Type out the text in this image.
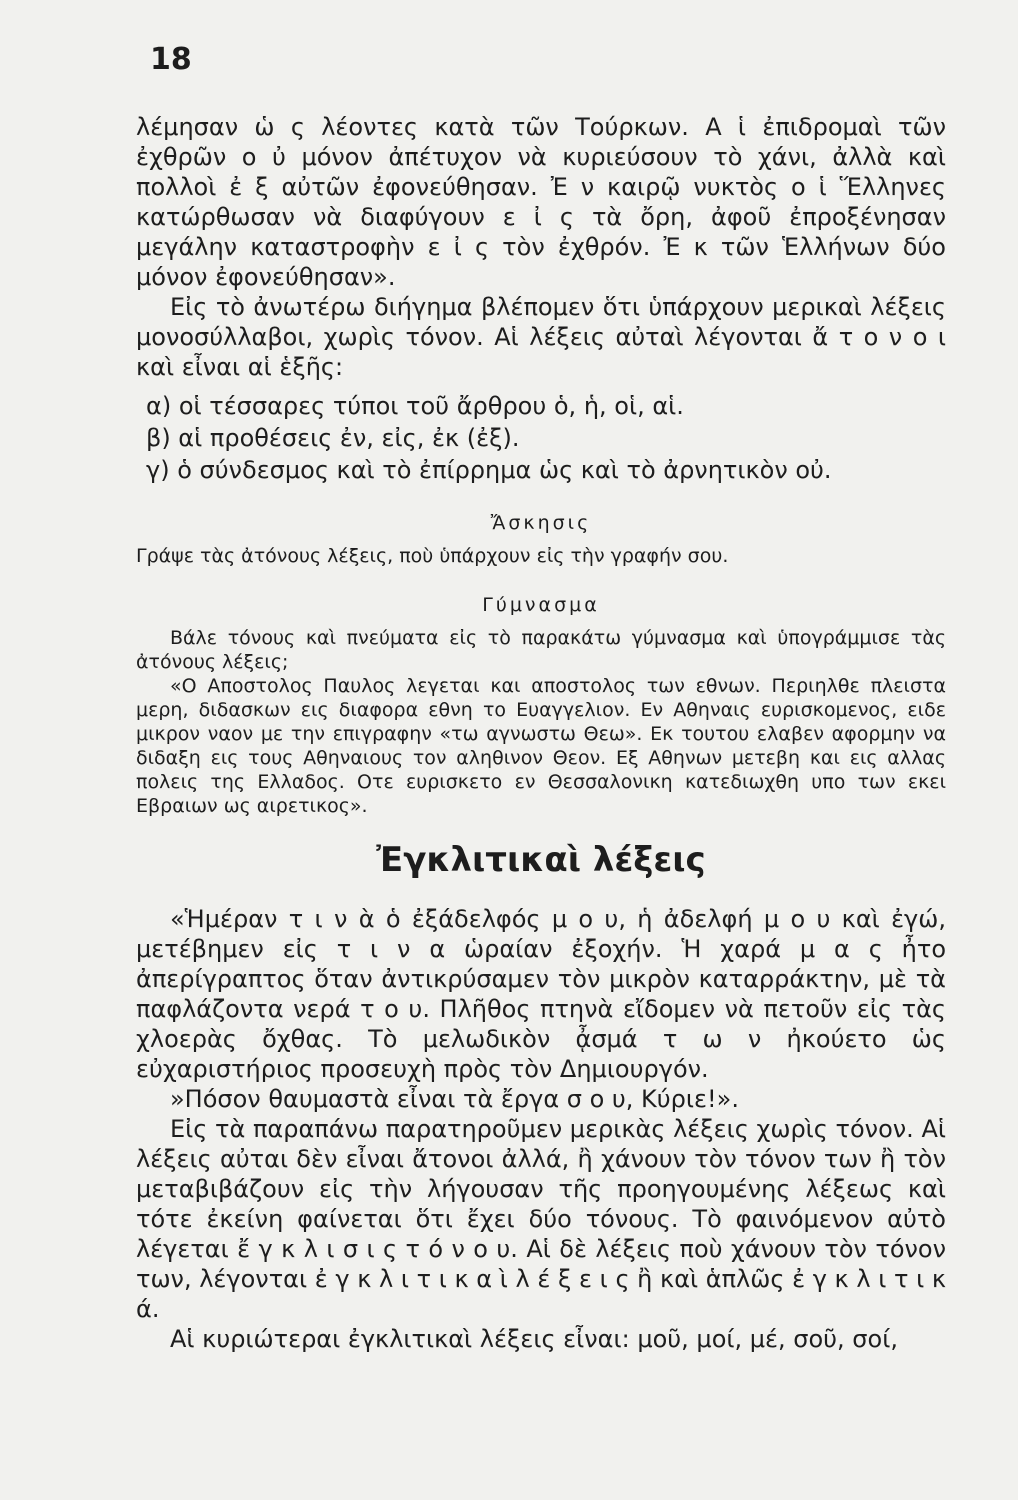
18

λέμησαν ὡ ς λέοντες κατὰ τῶν Τούρκων. Α ἱ ἐπιδρομαὶ τῶν ἐχθρῶν ο ὐ μόνον ἀπέτυχον νὰ κυριεύσουν τὸ χάνι, ἀλλὰ καὶ πολλοὶ ἐ ξ αὐτῶν ἐφονεύθησαν. Ἐ ν καιρῷ νυκτὸς ο ἱ Ἕλληνες κατώρθωσαν νὰ διαφύγουν ε ἰ ς τὰ ὄρη, ἀφοῦ ἐπροξένησαν μεγάλην καταστροφὴν ε ἰ ς τὸν ἐχθρόν. Ἐ κ τῶν Ἑλλήνων δύο μόνον ἐφονεύθησαν».

Εἰς τὸ ἀνωτέρω διήγημα βλέπομεν ὅτι ὑπάρχουν μερικαὶ λέξεις μονοσύλλαβοι, χωρὶς τόνον. Αἱ λέξεις αὐταὶ λέγονται ἄ τ ο ν ο ι καὶ εἶναι αἱ ἑξῆς:

α) οἱ τέσσαρες τύποι τοῦ ἄρθρου ὁ, ἡ, οἱ, αἱ.
β) αἱ προθέσεις ἐν, εἰς, ἐκ (ἐξ).
γ) ὁ σύνδεσμος καὶ τὸ ἐπίρρημα ὡς καὶ τὸ ἀρνητικὸν οὐ.
Ἄσκησις

Γράψε τὰς ἀτόνους λέξεις, ποὺ ὑπάρχουν εἰς τὴν γραφήν σου.

Γύμνασμα

Βάλε τόνους καὶ πνεύματα εἰς τὸ παρακάτω γύμνασμα καὶ ὑπογράμμισε τὰς ἀτόνους λέξεις;

«Ο Αποστολος Παυλος λεγεται και αποστολος των εθνων. Περιηλθε πλειστα μερη, διδασκων εις διαφορα εθνη το Ευαγγελιον. Εν Αθηναις ευρισκομενος, ειδε μικρον ναον με την επιγραφην «τω αγνωστω Θεω». Εκ τουτου ελαβεν αφορμην να διδαξη εις τους Αθηναιους τον αληθινον Θεον. Εξ Αθηνων μετεβη και εις αλλας πολεις της Ελλαδος. Οτε ευρισκετο εν Θεσσαλονικη κατεδιωχθη υπο των εκει Εβραιων ως αιρετικος».

Ἐγκλιτικαὶ λέξεις

«Ἡμέραν τ ι ν ὰ ὁ ἐξάδελφός μ ο υ, ἡ ἀδελφή μ ο υ καὶ ἐγώ, μετέβημεν εἰς τ ι ν α ὡραίαν ἐξοχήν. Ἡ χαρά μ α ς ἦτο ἀπερίγραπτος ὅταν ἀντικρύσαμεν τὸν μικρὸν καταρράκτην, μὲ τὰ παφλάζοντα νερά τ ο υ. Πλῆθος πτηνὰ εἴδομεν νὰ πετοῦν εἰς τὰς χλοερὰς ὄχθας. Τὸ μελωδικὸν ᾆσμά τ ω ν ἠκούετο ὡς εὐχαριστήριος προσευχὴ πρὸς τὸν Δημιουργόν.

»Πόσον θαυμαστὰ εἶναι τὰ ἔργα σ ο υ, Κύριε!».

Εἰς τὰ παραπάνω παρατηροῦμεν μερικὰς λέξεις χωρὶς τόνον. Αἱ λέξεις αὐται δὲν εἶναι ἄτονοι ἀλλά, ἢ χάνουν τὸν τόνον των ἢ τὸν μεταβιβάζουν εἰς τὴν λήγουσαν τῆς προηγουμένης λέξεως καὶ τότε ἐκείνη φαίνεται ὅτι ἔχει δύο τόνους. Τὸ φαινόμενον αὐτὸ λέγεται ἔ γ κ λ ι σ ι ς τ ό ν ο υ. Αἱ δὲ λέξεις ποὺ χάνουν τὸν τόνον των, λέγονται ἐ γ κ λ ι τ ι κ α ὶ λ έ ξ ε ι ς ἢ καὶ ἁπλῶς ἐ γ κ λ ι τ ι κ ά.

Αἱ κυριώτεραι ἐγκλιτικαὶ λέξεις εἶναι: μοῦ, μοί, μέ, σοῦ, σοί,
